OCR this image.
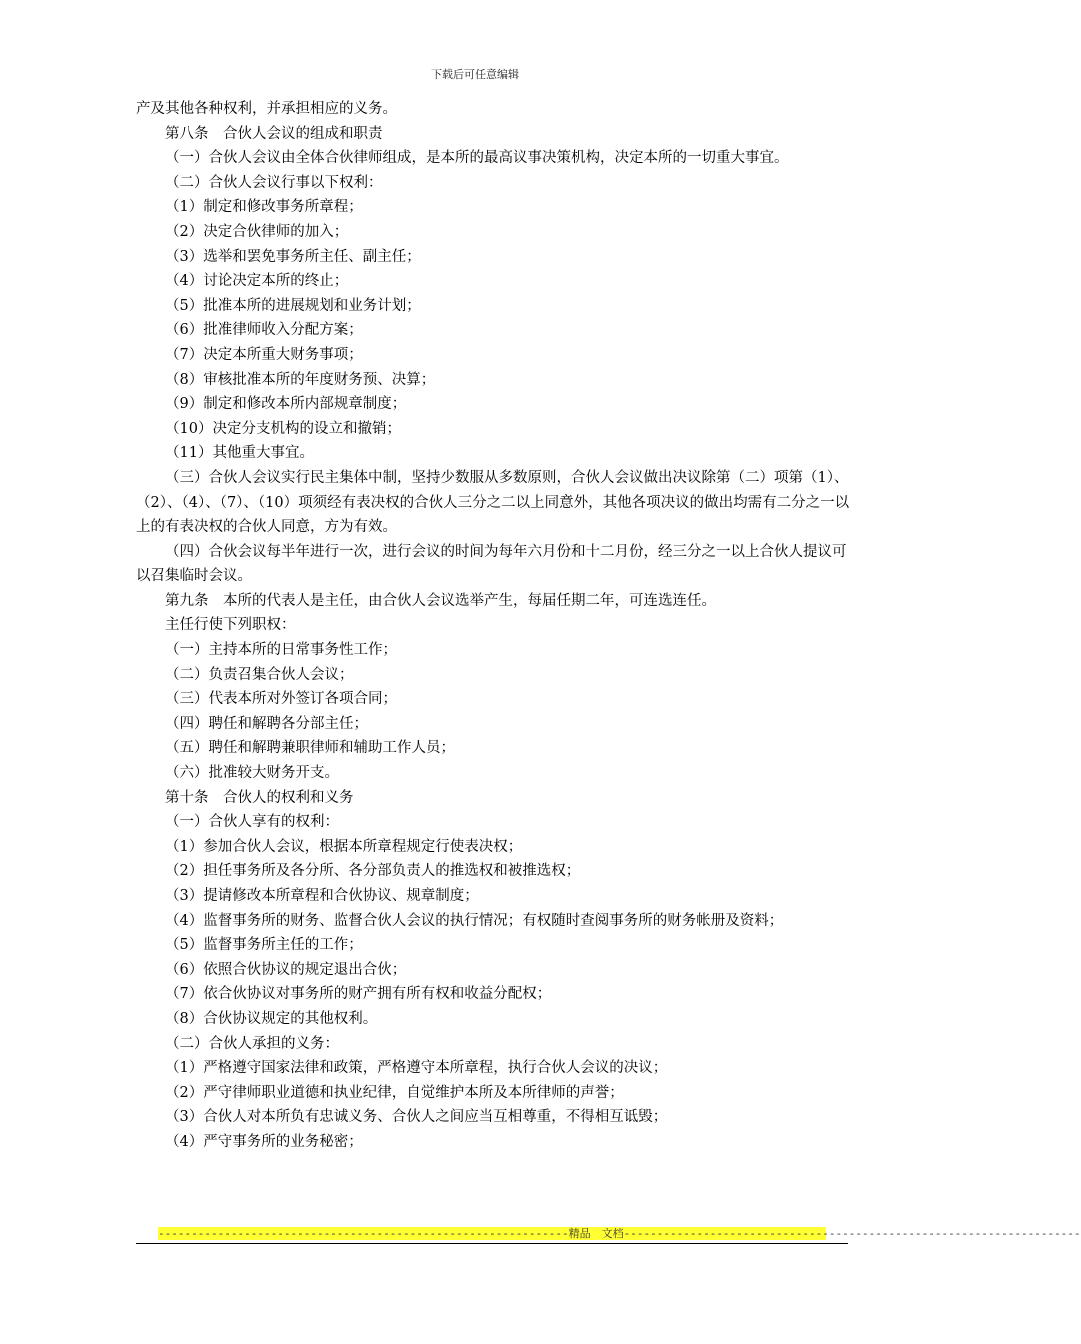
下载后可任意编辑

产及其他各种权利，并承担相应的义务。

第八条　合伙人会议的组成和职责

（一）合伙人会议由全体合伙律师组成，是本所的最高议事决策机构，决定本所的一切重大事宜。

（二）合伙人会议行事以下权利：

（1）制定和修改事务所章程；

（2）决定合伙律师的加入；

（3）选举和罢免事务所主任、副主任；

（4）讨论决定本所的终止；

（5）批准本所的进展规划和业务计划；

（6）批准律师收入分配方案；

（7）决定本所重大财务事项；

（8）审核批准本所的年度财务预、决算；

（9）制定和修改本所内部规章制度；

（10）决定分支机构的设立和撤销；

（11）其他重大事宜。

（三）合伙人会议实行民主集体中制，坚持少数服从多数原则，合伙人会议做出决议除第（二）项第（1）、（2）、（4）、（7）、（10）项须经有表决权的合伙人三分之二以上同意外，其他各项决议的做出均需有二分之一以上的有表决权的合伙人同意，方为有效。

（四）合伙会议每半年进行一次，进行会议的时间为每年六月份和十二月份，经三分之一以上合伙人提议可以召集临时会议。

第九条　本所的代表人是主任，由合伙人会议选举产生，每届任期二年，可连选连任。

主任行使下列职权：

（一）主持本所的日常事务性工作；

（二）负责召集合伙人会议；

（三）代表本所对外签订各项合同；

（四）聘任和解聘各分部主任；

（五）聘任和解聘兼职律师和辅助工作人员；

（六）批准较大财务开支。

第十条　合伙人的权利和义务

（一）合伙人享有的权利：

（1）参加合伙人会议，根据本所章程规定行使表决权；

（2）担任事务所及各分所、各分部负责人的推选权和被推选权；

（3）提请修改本所章程和合伙协议、规章制度；

（4）监督事务所的财务、监督合伙人会议的执行情况；有权随时查阅事务所的财务帐册及资料；

（5）监督事务所主任的工作；

（6）依照合伙协议的规定退出合伙；

（7）依合伙协议对事务所的财产拥有所有权和收益分配权；

（8）合伙协议规定的其他权利。

（二）合伙人承担的义务：

（1）严格遵守国家法律和政策，严格遵守本所章程，执行合伙人会议的决议；

（2）严守律师职业道德和执业纪律，自觉维护本所及本所律师的声誉；

（3）合伙人对本所负有忠诚义务、合伙人之间应当互相尊重，不得相互诋毁；

（4）严守事务所的业务秘密；

--------------------------------------------------------------精品　文档---------------------------------------------------------------------
